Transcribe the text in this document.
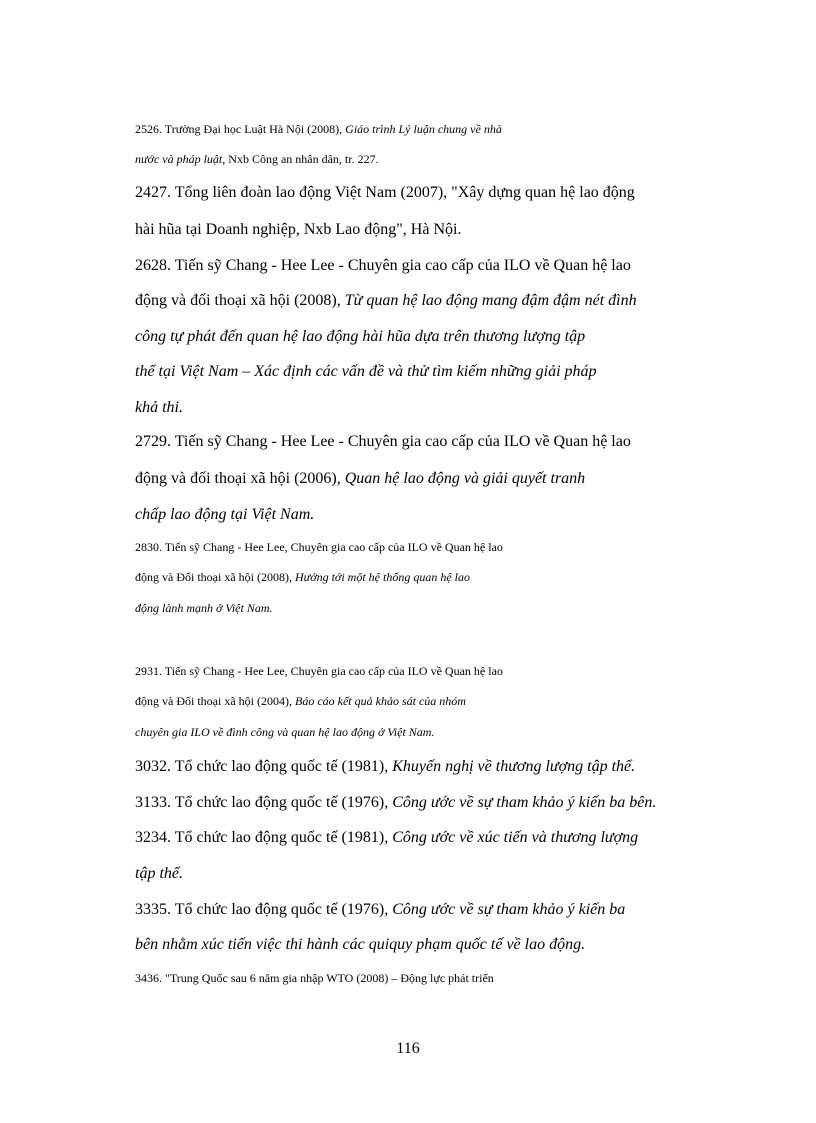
2526. Trường Đại học Luật Hà Nội (2008), Giáo trình Lý luận chung về nhà
nước và pháp luật, Nxb Công an nhân dân, tr. 227.
2427. Tổng liên đoàn lao động Việt Nam (2007), "Xây dựng quan hệ lao động
hài hũa tại Doanh nghiệp, Nxb Lao động", Hà Nội.
2628. Tiến sỹ Chang - Hee Lee - Chuyên gia cao cấp của ILO về Quan hệ lao
động và đối thoại xã hội (2008), Từ quan hệ lao động mang đậm đậm nét đình
công tự phát đến quan hệ lao động hài hũa dựa trên thương lượng tập
thể tại Việt Nam – Xác định các vấn đề và thử tìm kiếm những giải pháp
khả thi.
2729. Tiến sỹ Chang - Hee Lee - Chuyên gia cao cấp của ILO về Quan hệ lao
động và đối thoại xã hội (2006), Quan hệ lao động và giải quyết tranh
chấp lao động tại Việt Nam.
2830. Tiến sỹ Chang - Hee Lee, Chuyên gia cao cấp của ILO về Quan hệ lao
động và Đối thoại xã hội (2008), Hướng tới một hệ thống quan hệ lao
động lành mạnh ở Việt Nam.
2931. Tiến sỹ Chang - Hee Lee, Chuyên gia cao cấp của ILO về Quan hệ lao
động và Đối thoại xã hội (2004), Báo cáo kết quả khảo sát của nhóm
chuyên gia ILO về đình công và quan hệ lao động ở Việt Nam.
3032. Tổ chức lao động quốc tế (1981), Khuyến nghị về thương lượng tập thể.
3133. Tổ chức lao động quốc tế (1976), Công ước về sự tham khảo ý kiến ba bên.
3234. Tổ chức lao động quốc tế (1981), Công ước về xúc tiến và thương lượng
tập thể.
3335. Tổ chức lao động quốc tế (1976), Công ước về sự tham khảo ý kiến ba
bên nhằm xúc tiến việc thi hành các quiquy phạm quốc tế về lao động.
3436. "Trung Quốc sau 6 năm gia nhập WTO (2008) – Động lực phát triển
116
